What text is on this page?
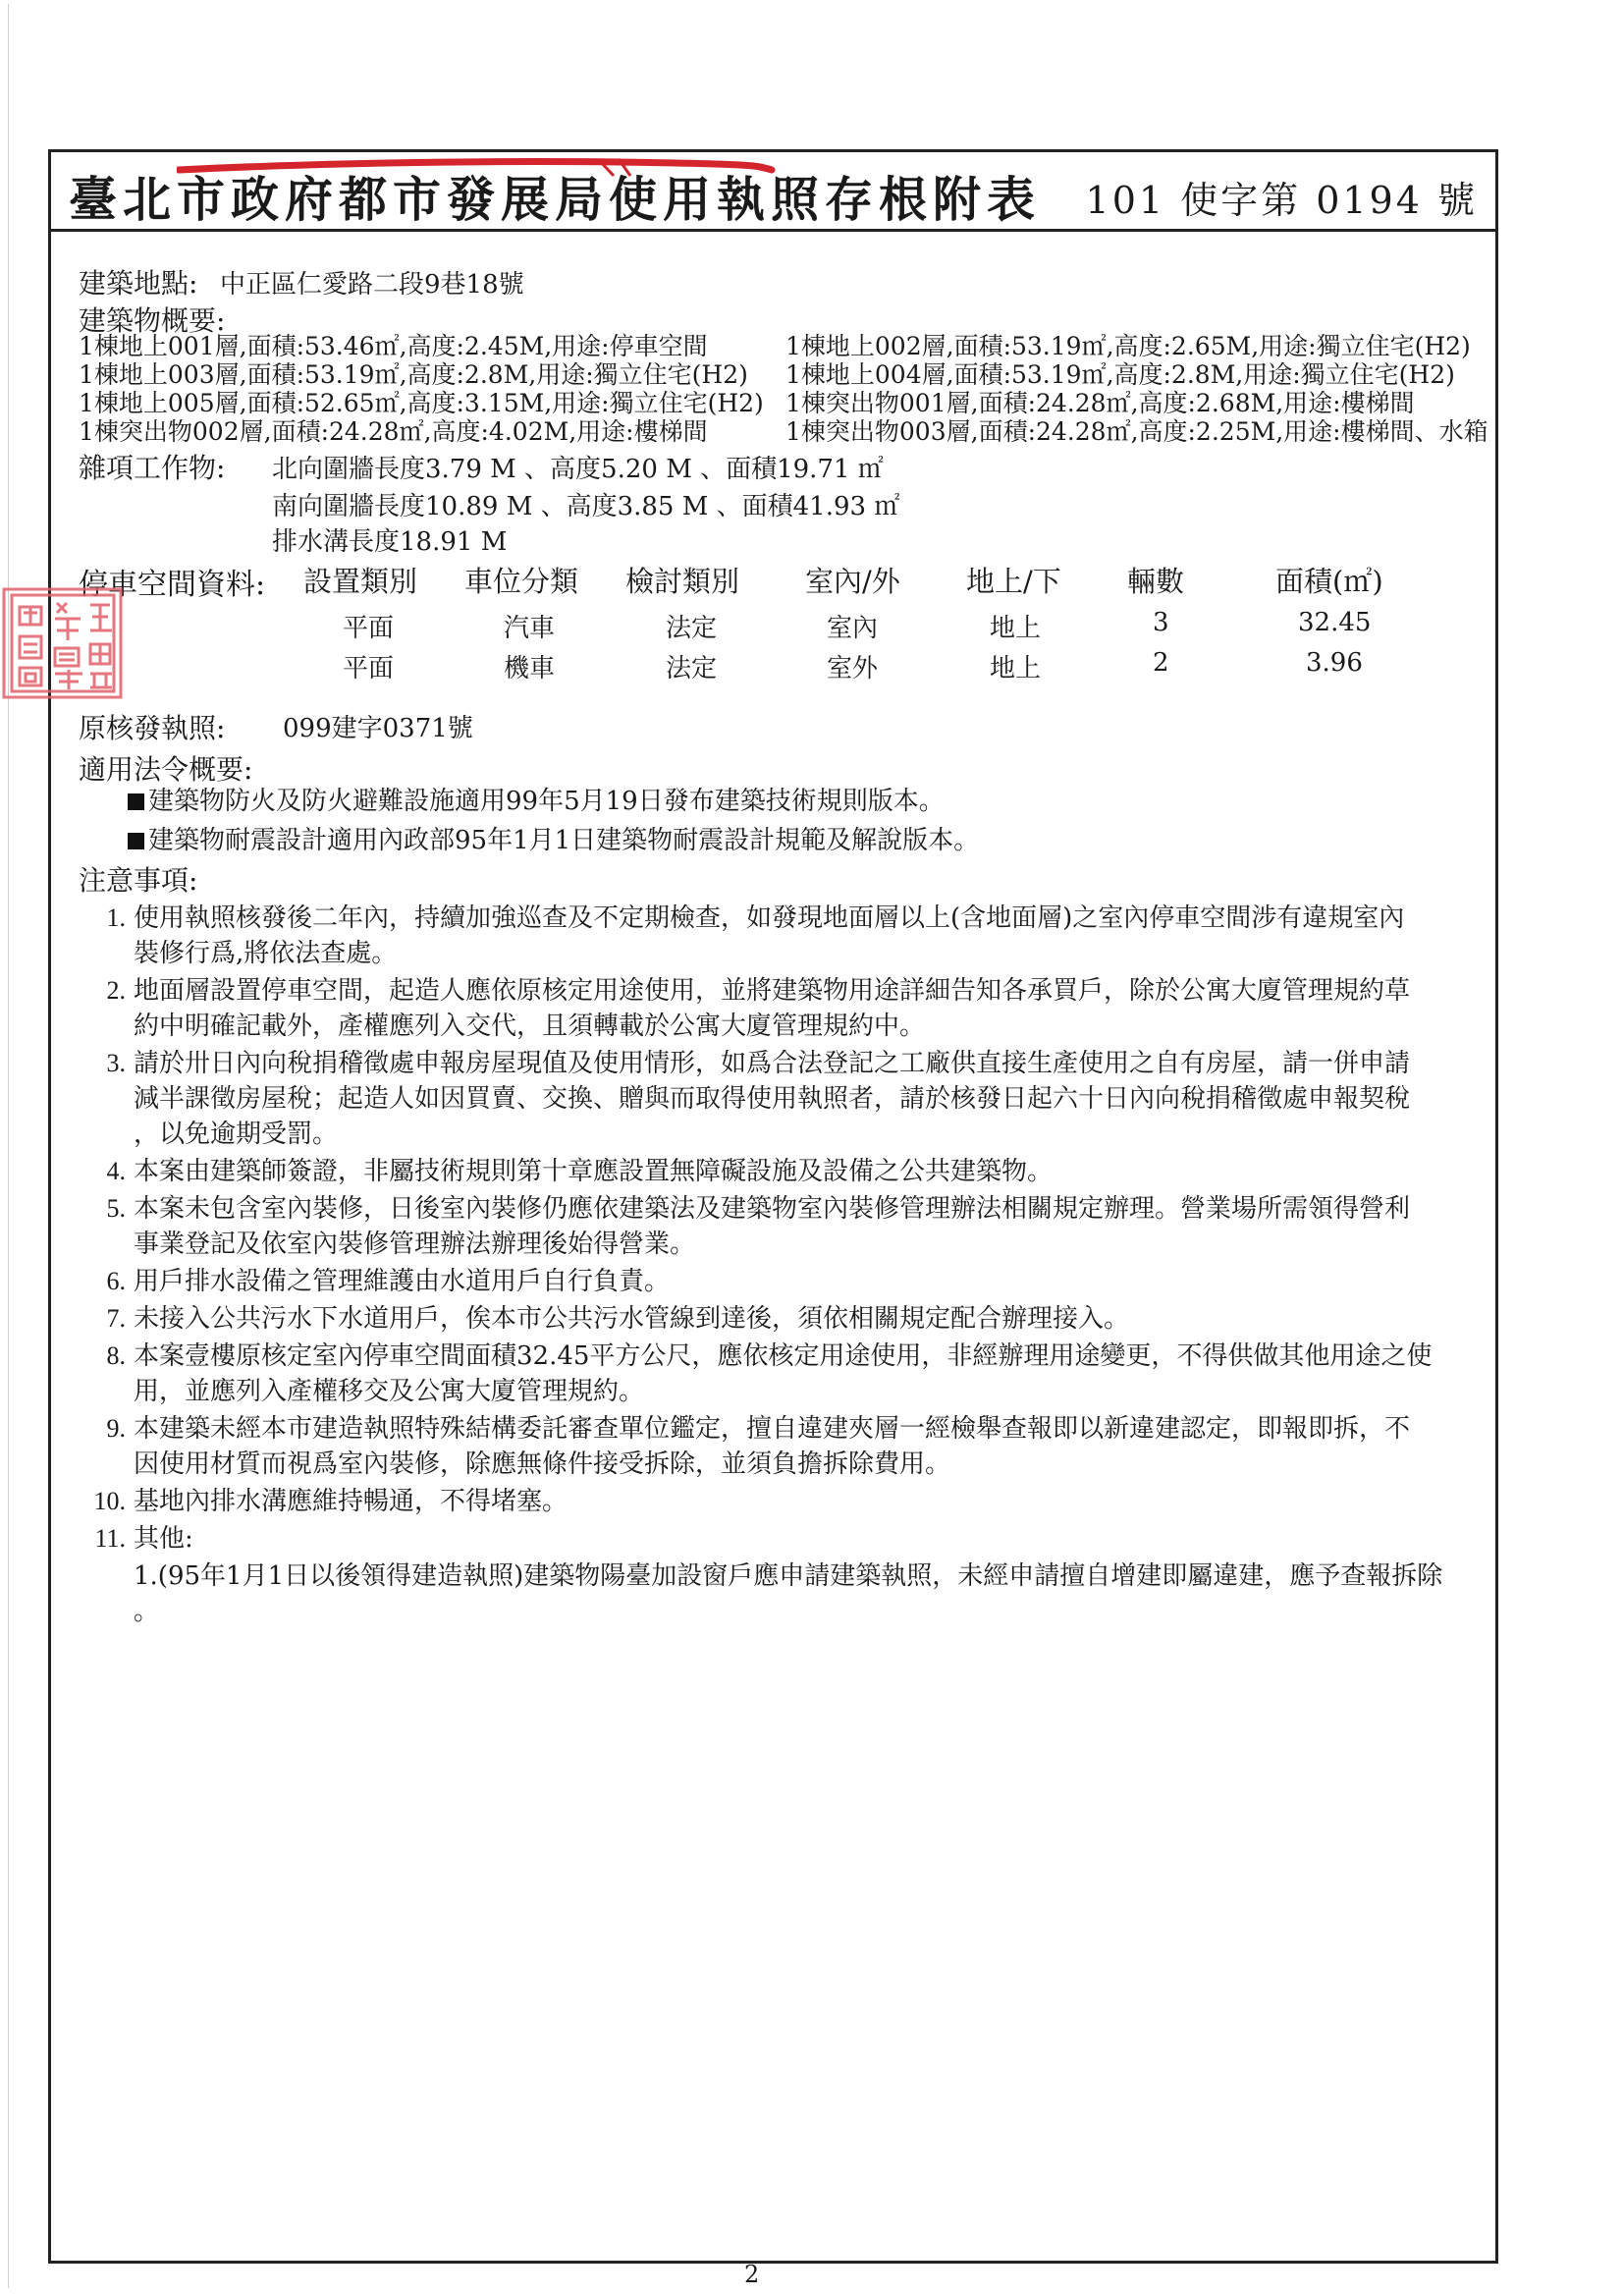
臺北市政府都市發展局使用執照存根附表 101 使字第 0194 號
建築地點: 中正區仁愛路二段9巷18號
建築物概要:
1棟地上001層,面積:53.46㎡,高度:2.45M,用途:停車空間	1棟地上002層,面積:53.19㎡,高度:2.65M,用途:獨立住宅(H2)
1棟地上003層,面積:53.19㎡,高度:2.8M,用途:獨立住宅(H2)	1棟地上004層,面積:53.19㎡,高度:2.8M,用途:獨立住宅(H2)
1棟地上005層,面積:52.65㎡,高度:3.15M,用途:獨立住宅(H2) 1棟突出物001層,面積:24.28㎡,高度:2.68M,用途:樓梯間
1棟突出物002層,面積:24.28㎡,高度:4.02M,用途:樓梯間	1棟突出物003層,面積:24.28㎡,高度:2.25M,用途:樓梯間、水箱
雜項工作物: 北向圍牆長度3.79 M 、高度5.20 M 、面積19.71 ㎡
南向圍牆長度10.89 M 、高度3.85 M 、面積41.93 ㎡
排水溝長度18.91 M
停車空間資料: 設置類別 車位分類 檢討類別 室內/外 地上/下 輛數	面積(㎡)
平面	汽車	法定	室內	地上	3	32.45
平面	機車	法定	室外	地上	2	3.96
原核發執照: 099建字0371號
適用法令概要:
建築物防火及防火避難設施適用99年5月19日發布建築技術規則版本。
建築物耐震設計適用內政部95年1月1日建築物耐震設計規範及解說版本。
注意事項:
1. 使用執照核發後二年內，持續加強巡查及不定期檢查，如發現地面層以上(含地面層)之室內停車空間涉有違規室內
裝修行爲,將依法查處。
2. 地面層設置停車空間，起造人應依原核定用途使用，並將建築物用途詳細告知各承買戶，除於公寓大廈管理規約草
約中明確記載外，產權應列入交代，且須轉載於公寓大廈管理規約中。
3. 請於卅日內向稅捐稽徵處申報房屋現值及使用情形，如爲合法登記之工廠供直接生產使用之自有房屋，請一併申請
減半課徵房屋稅；起造人如因買賣、交換、贈與而取得使用執照者，請於核發日起六十日內向稅捐稽徵處申報契稅
，以免逾期受罰。
4. 本案由建築師簽證，非屬技術規則第十章應設置無障礙設施及設備之公共建築物。
5. 本案未包含室內裝修，日後室內裝修仍應依建築法及建築物室內裝修管理辦法相關規定辦理。營業場所需領得營利
事業登記及依室內裝修管理辦法辦理後始得營業。
6. 用戶排水設備之管理維護由水道用戶自行負責。
7. 未接入公共污水下水道用戶，俟本市公共污水管線到達後，須依相關規定配合辦理接入。
8. 本案壹樓原核定室內停車空間面積32.45平方公尺，應依核定用途使用，非經辦理用途變更，不得供做其他用途之使
用，並應列入產權移交及公寓大廈管理規約。
9. 本建築未經本市建造執照特殊結構委託審查單位鑑定，擅自違建夾層一經檢舉查報即以新違建認定，即報即拆，不
因使用材質而視爲室內裝修，除應無條件接受拆除，並須負擔拆除費用。
10. 基地內排水溝應維持暢通，不得堵塞。
11. 其他:
1.(95年1月1日以後領得建造執照)建築物陽臺加設窗戶應申請建築執照，未經申請擅自增建即屬違建，應予查報拆除
。
2
